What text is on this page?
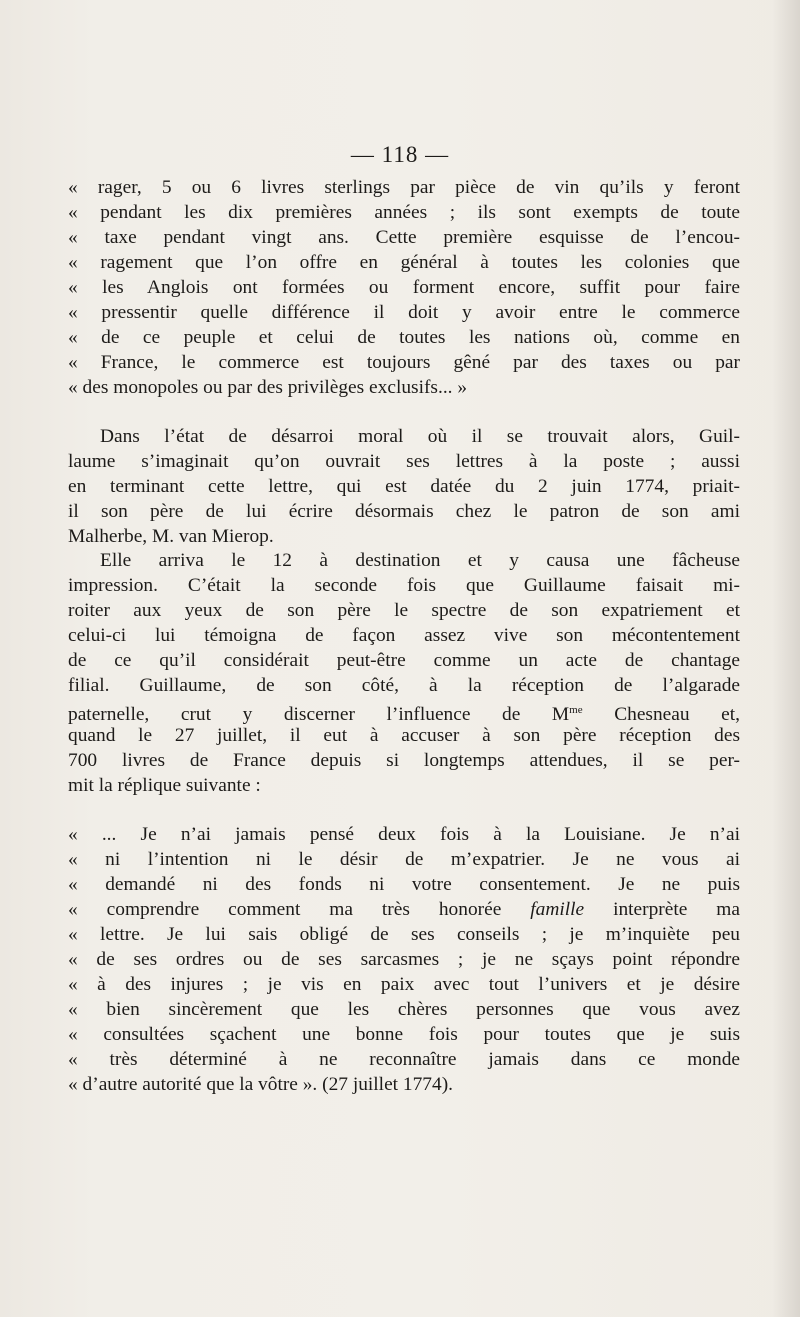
— 118 —
« rager, 5 ou 6 livres sterlings par pièce de vin qu’ils y feront
« pendant les dix premières années ; ils sont exempts de toute
« taxe pendant vingt ans. Cette première esquisse de l’encou-
« ragement que l’on offre en général à toutes les colonies que
« les Anglois ont formées ou forment encore, suffit pour faire
« pressentir quelle différence il doit y avoir entre le commerce
« de ce peuple et celui de toutes les nations où, comme en
« France, le commerce est toujours gêné par des taxes ou par
« des monopoles ou par des privilèges exclusifs... »
Dans l’état de désarroi moral où il se trouvait alors, Guil-
laume s’imaginait qu’on ouvrait ses lettres à la poste ; aussi
en terminant cette lettre, qui est datée du 2 juin 1774, priait-
il son père de lui écrire désormais chez le patron de son ami
Malherbe, M. van Mierop.
Elle arriva le 12 à destination et y causa une fâcheuse
impression. C’était la seconde fois que Guillaume faisait mi-
roiter aux yeux de son père le spectre de son expatriement et
celui-ci lui témoigna de façon assez vive son mécontentement
de ce qu’il considérait peut-être comme un acte de chantage
filial. Guillaume, de son côté, à la réception de l’algarade
paternelle, crut y discerner l’influence de $M^{me}$ Chesneau et,
quand le 27 juillet, il eut à accuser à son père réception des
700 livres de France depuis si longtemps attendues, il se per-
mit la réplique suivante :
« ... Je n’ai jamais pensé deux fois à la Louisiane. Je n’ai
« ni l’intention ni le désir de m’expatrier. Je ne vous ai
« demandé ni des fonds ni votre consentement. Je ne puis
« comprendre comment ma très honorée famille interprète ma
« lettre. Je lui sais obligé de ses conseils ; je m’inquiète peu
« de ses ordres ou de ses sarcasmes ; je ne sçays point répondre
« à des injures ; je vis en paix avec tout l’univers et je désire
« bien sincèrement que les chères personnes que vous avez
« consultées sçachent une bonne fois pour toutes que je suis
« très déterminé à ne reconnaître jamais dans ce monde
« d’autre autorité que la vôtre ». (27 juillet 1774).
